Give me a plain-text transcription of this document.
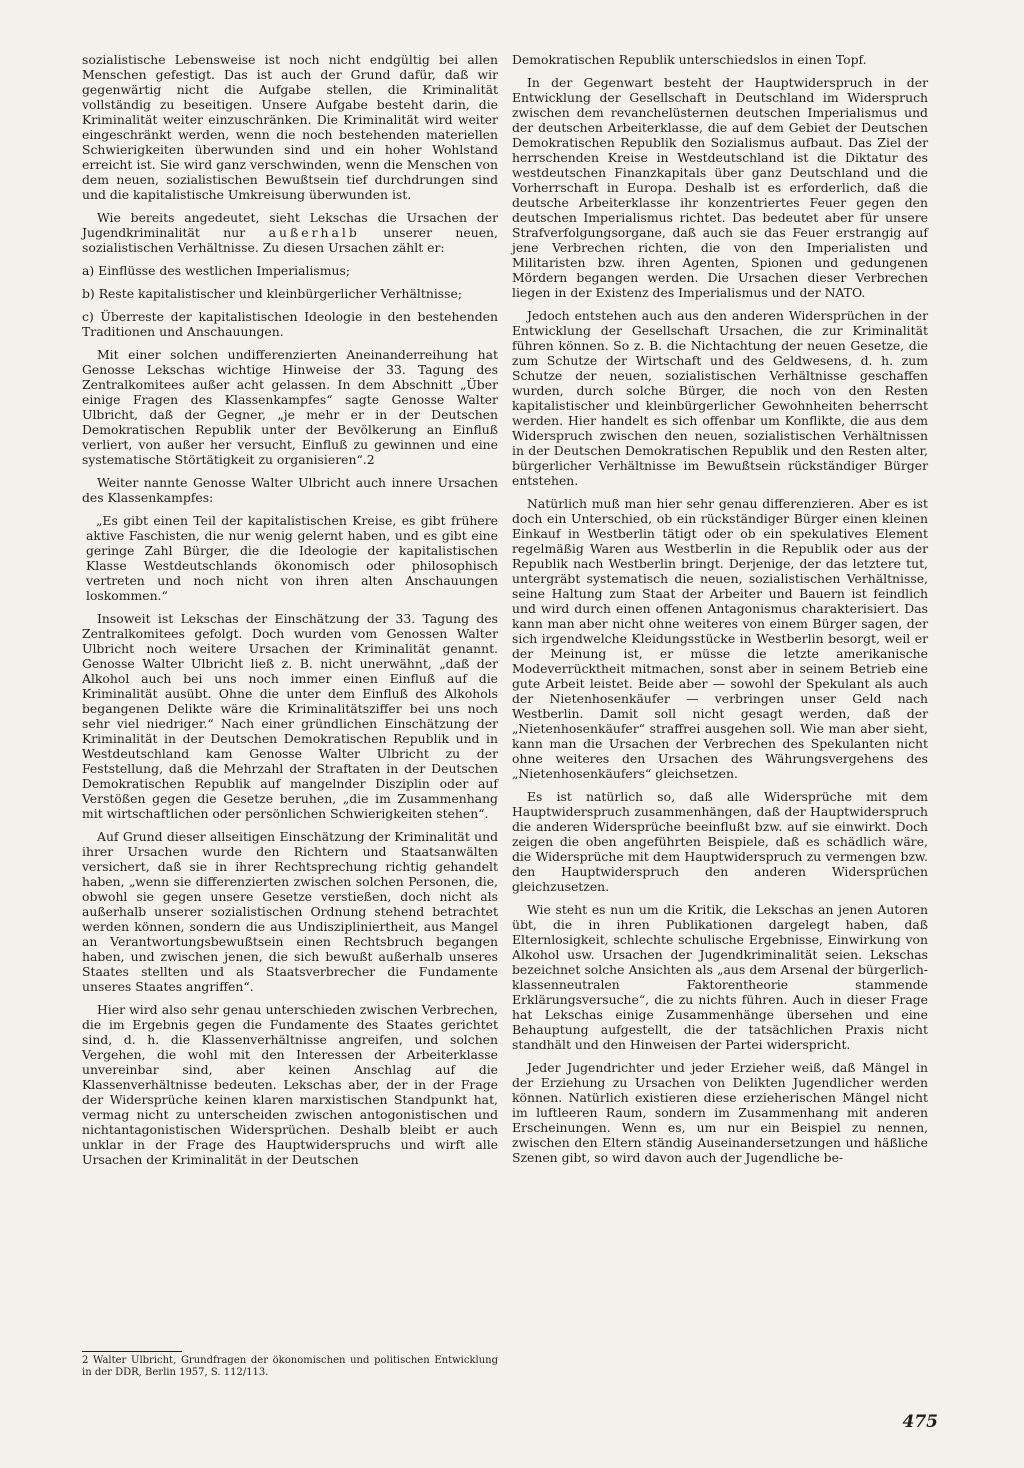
sozialistische Lebensweise ist noch nicht endgültig bei allen Menschen gefestigt. Das ist auch der Grund dafür, daß wir gegenwärtig nicht die Aufgabe stellen, die Kriminalität vollständig zu beseitigen. Unsere Aufgabe besteht darin, die Kriminalität weiter einzuschränken. Die Kriminalität wird weiter eingeschränkt werden, wenn die noch bestehenden materiellen Schwierigkeiten überwunden sind und ein hoher Wohlstand erreicht ist. Sie wird ganz verschwinden, wenn die Menschen von dem neuen, sozialistischen Bewußtsein tief durchdrungen sind und die kapitalistische Umkreisung überwunden ist.

Wie bereits angedeutet, sieht Lekschas die Ursachen der Jugendkriminalität nur außerhalb unserer neuen, sozialistischen Verhältnisse. Zu diesen Ursachen zählt er:

a) Einflüsse des westlichen Imperialismus;

b) Reste kapitalistischer und kleinbürgerlicher Verhältnisse;

c) Überreste der kapitalistischen Ideologie in den bestehenden Traditionen und Anschauungen.

Mit einer solchen undifferenzierten Aneinanderreihung hat Genosse Lekschas wichtige Hinweise der 33. Tagung des Zentralkomitees außer acht gelassen. In dem Abschnitt „Über einige Fragen des Klassenkampfes“ sagte Genosse Walter Ulbricht, daß der Gegner, „je mehr er in der Deutschen Demokratischen Republik unter der Bevölkerung an Einfluß verliert, von außer her versucht, Einfluß zu gewinnen und eine systematische Störtätigkeit zu organisieren“.2

Weiter nannte Genosse Walter Ulbricht auch innere Ursachen des Klassenkampfes:

„Es gibt einen Teil der kapitalistischen Kreise, es gibt frühere aktive Faschisten, die nur wenig gelernt haben, und es gibt eine geringe Zahl Bürger, die die Ideologie der kapitalistischen Klasse Westdeutschlands ökonomisch oder philosophisch vertreten und noch nicht von ihren alten Anschauungen loskommen.“

Insoweit ist Lekschas der Einschätzung der 33. Tagung des Zentralkomitees gefolgt. Doch wurden vom Genossen Walter Ulbricht noch weitere Ursachen der Kriminalität genannt. Genosse Walter Ulbricht ließ z. B. nicht unerwähnt, „daß der Alkohol auch bei uns noch immer einen Einfluß auf die Kriminalität ausübt. Ohne die unter dem Einfluß des Alkohols begangenen Delikte wäre die Kriminalitätsziffer bei uns noch sehr viel niedriger.“ Nach einer gründlichen Einschätzung der Kriminalität in der Deutschen Demokratischen Republik und in Westdeutschland kam Genosse Walter Ulbricht zu der Feststellung, daß die Mehrzahl der Straftaten in der Deutschen Demokratischen Republik auf mangelnder Disziplin oder auf Verstößen gegen die Gesetze beruhen, „die im Zusammenhang mit wirtschaftlichen oder persönlichen Schwierigkeiten stehen“.

Auf Grund dieser allseitigen Einschätzung der Kriminalität und ihrer Ursachen wurde den Richtern und Staatsanwälten versichert, daß sie in ihrer Rechtsprechung richtig gehandelt haben, „wenn sie differenzierten zwischen solchen Personen, die, obwohl sie gegen unsere Gesetze verstießen, doch nicht als außerhalb unserer sozialistischen Ordnung stehend betrachtet werden können, sondern die aus Undiszipliniertheit, aus Mangel an Verantwortungsbewußtsein einen Rechtsbruch begangen haben, und zwischen jenen, die sich bewußt außerhalb unseres Staates stellten und als Staatsverbrecher die Fundamente unseres Staates angriffen“.

Hier wird also sehr genau unterschieden zwischen Verbrechen, die im Ergebnis gegen die Fundamente des Staates gerichtet sind, d. h. die Klassenverhältnisse angreifen, und solchen Vergehen, die wohl mit den Interessen der Arbeiterklasse unvereinbar sind, aber keinen Anschlag auf die Klassenverhältnisse bedeuten. Lekschas aber, der in der Frage der Widersprüche keinen klaren marxistischen Standpunkt hat, vermag nicht zu unterscheiden zwischen antogonistischen und nichtantagonistischen Widersprüchen. Deshalb bleibt er auch unklar in der Frage des Hauptwiderspruchs und wirft alle Ursachen der Kriminalität in der Deutschen

Demokratischen Republik unterschiedslos in einen Topf.

In der Gegenwart besteht der Hauptwiderspruch in der Entwicklung der Gesellschaft in Deutschland im Widerspruch zwischen dem revanchelüsternen deutschen Imperialismus und der deutschen Arbeiterklasse, die auf dem Gebiet der Deutschen Demokratischen Republik den Sozialismus aufbaut. Das Ziel der herrschenden Kreise in Westdeutschland ist die Diktatur des westdeutschen Finanzkapitals über ganz Deutschland und die Vorherrschaft in Europa. Deshalb ist es erforderlich, daß die deutsche Arbeiterklasse ihr konzentriertes Feuer gegen den deutschen Imperialismus richtet. Das bedeutet aber für unsere Strafverfolgungsorgane, daß auch sie das Feuer erstrangig auf jene Verbrechen richten, die von den Imperialisten und Militaristen bzw. ihren Agenten, Spionen und gedungenen Mördern begangen werden. Die Ursachen dieser Verbrechen liegen in der Existenz des Imperialismus und der NATO.

Jedoch entstehen auch aus den anderen Widersprüchen in der Entwicklung der Gesellschaft Ursachen, die zur Kriminalität führen können. So z. B. die Nichtachtung der neuen Gesetze, die zum Schutze der Wirtschaft und des Geldwesens, d. h. zum Schutze der neuen, sozialistischen Verhältnisse geschaffen wurden, durch solche Bürger, die noch von den Resten kapitalistischer und kleinbürgerlicher Gewohnheiten beherrscht werden. Hier handelt es sich offenbar um Konflikte, die aus dem Widerspruch zwischen den neuen, sozialistischen Verhältnissen in der Deutschen Demokratischen Republik und den Resten alter, bürgerlicher Verhältnisse im Bewußtsein rückständiger Bürger entstehen.

Natürlich muß man hier sehr genau differenzieren. Aber es ist doch ein Unterschied, ob ein rückständiger Bürger einen kleinen Einkauf in Westberlin tätigt oder ob ein spekulatives Element regelmäßig Waren aus Westberlin in die Republik oder aus der Republik nach Westberlin bringt. Derjenige, der das letztere tut, untergräbt systematisch die neuen, sozialistischen Verhältnisse, seine Haltung zum Staat der Arbeiter und Bauern ist feindlich und wird durch einen offenen Antagonismus charakterisiert. Das kann man aber nicht ohne weiteres von einem Bürger sagen, der sich irgendwelche Kleidungsstücke in Westberlin besorgt, weil er der Meinung ist, er müsse die letzte amerikanische Modeverrücktheit mitmachen, sonst aber in seinem Betrieb eine gute Arbeit leistet. Beide aber — sowohl der Spekulant als auch der Nietenhosenkäufer — verbringen unser Geld nach Westberlin. Damit soll nicht gesagt werden, daß der „Nietenhosenkäufer“ straffrei ausgehen soll. Wie man aber sieht, kann man die Ursachen der Verbrechen des Spekulanten nicht ohne weiteres den Ursachen des Währungsvergehens des „Nietenhosenkäufers“ gleichsetzen.

Es ist natürlich so, daß alle Widersprüche mit dem Hauptwiderspruch zusammenhängen, daß der Hauptwiderspruch die anderen Widersprüche beeinflußt bzw. auf sie einwirkt. Doch zeigen die oben angeführten Beispiele, daß es schädlich wäre, die Widersprüche mit dem Hauptwiderspruch zu vermengen bzw. den Hauptwiderspruch den anderen Widersprüchen gleichzusetzen.

Wie steht es nun um die Kritik, die Lekschas an jenen Autoren übt, die in ihren Publikationen dargelegt haben, daß Elternlosigkeit, schlechte schulische Ergebnisse, Einwirkung von Alkohol usw. Ursachen der Jugendkriminalität seien. Lekschas bezeichnet solche Ansichten als „aus dem Arsenal der bürgerlich-klassenneutralen Faktorentheorie stammende Erklärungsversuche“, die zu nichts führen. Auch in dieser Frage hat Lekschas einige Zusammenhänge übersehen und eine Behauptung aufgestellt, die der tatsächlichen Praxis nicht standhält und den Hinweisen der Partei widerspricht.

Jeder Jugendrichter und jeder Erzieher weiß, daß Mängel in der Erziehung zu Ursachen von Delikten Jugendlicher werden können. Natürlich existieren diese erzieherischen Mängel nicht im luftleeren Raum, sondern im Zusammenhang mit anderen Erscheinungen. Wenn es, um nur ein Beispiel zu nennen, zwischen den Eltern ständig Auseinandersetzungen und häßliche Szenen gibt, so wird davon auch der Jugendliche be-

2 Walter Ulbricht, Grundfragen der ökonomischen und politischen Entwicklung in der DDR, Berlin 1957, S. 112/113.

475
